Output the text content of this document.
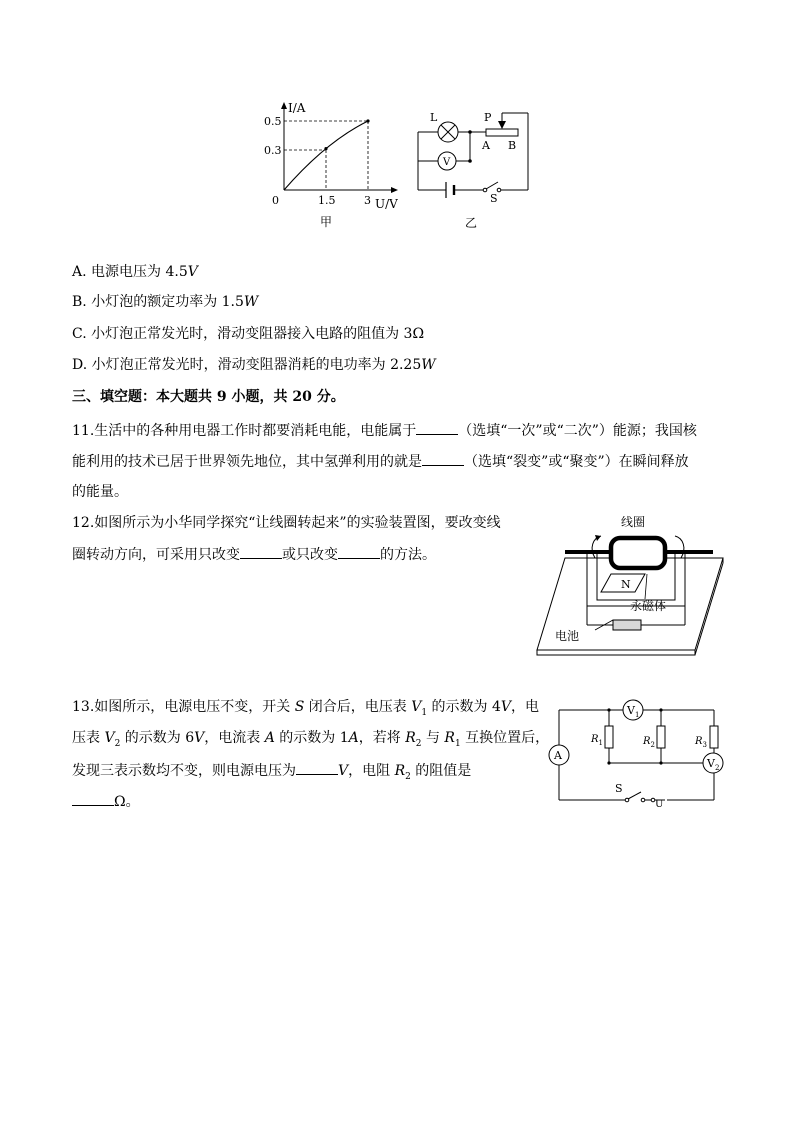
I/A
0.5
0.3
0	1.5	3 U/V
甲
L
V
P
A B
S
乙
A. 电源电压为 4.5V
B. 小灯泡的额定功率为 1.5W
C. 小灯泡正常发光时，滑动变阻器接入电路的阻值为 3Ω
D. 小灯泡正常发光时，滑动变阻器消耗的电功率为 2.25W
三、填空题：本大题共 9 小题，共 20 分。
11.生活中的各种用电器工作时都要消耗电能，电能属于	（选填“一次”或“二次”）能源；我国核
能利用的技术已居于世界领先地位，其中氢弹利用的就是	（选填“裂变”或“聚变”）在瞬间释放
的能量。
12.如图所示为小华同学探究“让线圈转起来”的实验装置图，要改变线
圈转动方向，可采用只改变	或只改变	的方法。
线圈
N
永磁体
电池
13.如图所示，电源电压不变，开关 S 闭合后，电压表 $V_1$ 的示数为 4V，电
压表 $V_2$ 的示数为 6V，电流表 A 的示数为 1A，若将 $R_2$ 与 $R_1$ 互换位置后，
发现三表示数均不变，则电源电压为	V，电阻 $R_2$ 的阻值是
Ω。
A
$V_1$
$V_2$
$R_1$	$R_2$	$R_3$
S
U
